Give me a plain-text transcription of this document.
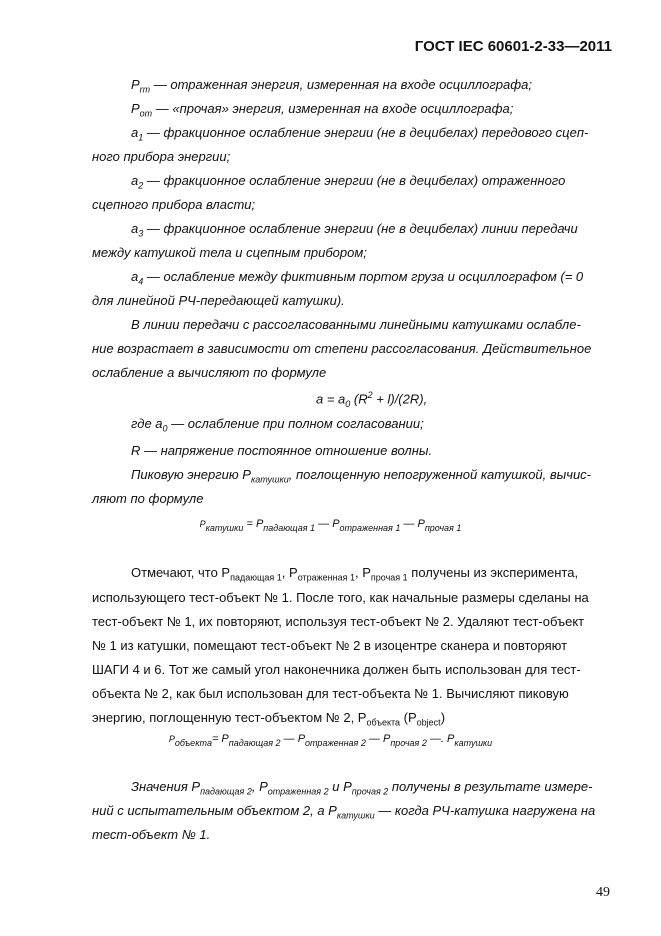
ГОСТ IEC 60601-2-33—2011
$P_{rm}$ — отраженная энергия, измеренная на входе осциллографа;
$P_{от}$ — «прочая» энергия, измеренная на входе осциллографа;
$a_1$ — фракционное ослабление энергии (не в децибелах) передового сцеп-
ного прибора энергии;
$a_2$ — фракционное ослабление энергии (не в децибелах) отраженного
сцепного прибора власти;
$a_3$ — фракционное ослабление энергии (не в децибелах) линии передачи
между катушкой тела и сцепным прибором;
$a_4$ — ослабление между фиктивным портом груза и осциллографом (= 0
для линейной РЧ-передающей катушки).
В линии передачи с рассогласованными линейными катушками ослабле-
ние возрастает в зависимости от степени рассогласования. Действительное
ослабление a вычисляют по формуле
$a = a_0$ $(R^2 + l)/(2R)$,
где $a_0$ — ослабление при полном согласовании;
R — напряжение постоянное отношение волны.
Пиковую энергию $P_{катушки}$, поглощенную непогруженной катушкой, вычис-
ляют по формуле
$P_{катушки} = P_{падающая 1}$ — $P_{отраженная 1}$ — $P_{прочая 1}$
Отмечают, что $P_{падающая 1}$, $P_{отраженная 1}$, $P_{прочая 1}$ получены из эксперимента,
использующего тест-объект № 1. После того, как начальные размеры сделаны на
тест-объект № 1, их повторяют, используя тест-объект № 2. Удаляют тест-объект
№ 1 из катушки, помещают тест-объект № 2 в изоцентре сканера и повторяют
ШАГИ 4 и 6. Тот же самый угол наконечника должен быть использован для тест-
объекта № 2, как был использован для тест-объекта № 1. Вычисляют пиковую
энергию, поглощенную тест-объектом № 2, $P_{объекта}$ $(P_{object})$
$P_{объекта}= P_{падающая 2}$ — $P_{отраженная 2}$ — $P_{прочая 2}$ —. $P_{катушки}$
Значения $P_{падающая 2}$, $P_{отраженная 2}$ и $P_{прочая 2}$ получены в результате измере-
ний с испытательным объектом 2, а $P_{катушки}$ — когда РЧ-катушка нагружена на
тест-объект № 1.
49
